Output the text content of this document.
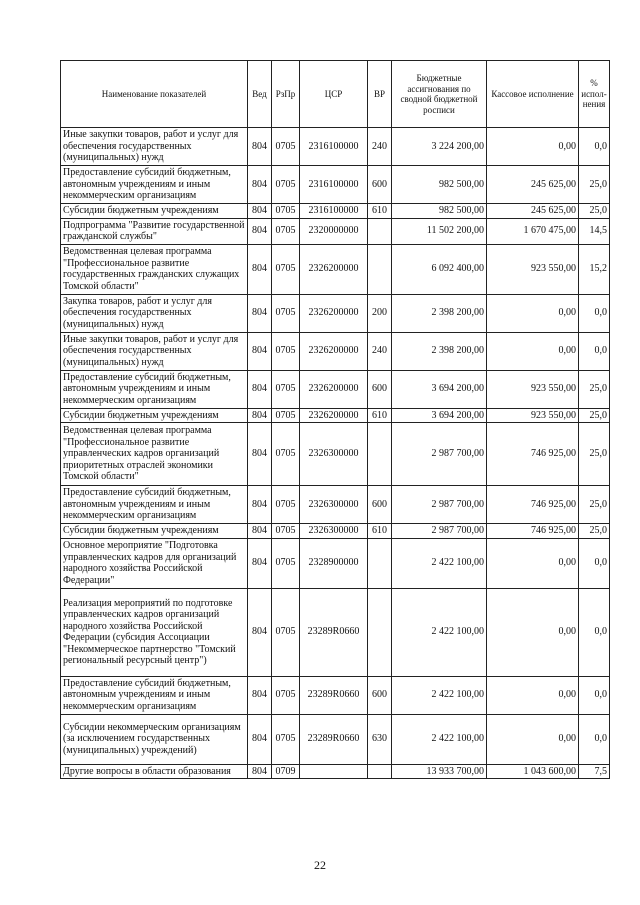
Наименование показателей	Вед	РзПр	ЦСР	ВР	Бюджетные ассигнования по сводной бюджетной росписи	Кассовое исполнение	% испол-нения
Иные закупки товаров, работ и услуг для обеспечения государственных (муниципальных) нужд	804	0705	2316100000	240	3 224 200,00	0,00	0,0
Предоставление субсидий бюджетным, автономным учреждениям и иным некоммерческим организациям	804	0705	2316100000	600	982 500,00	245 625,00	25,0
Субсидии бюджетным учреждениям	804	0705	2316100000	610	982 500,00	245 625,00	25,0
Подпрограмма "Развитие государственной гражданской службы"	804	0705	2320000000		11 502 200,00	1 670 475,00	14,5
Ведомственная целевая программа "Профессиональное развитие государственных гражданских служащих Томской области"	804	0705	2326200000		6 092 400,00	923 550,00	15,2
Закупка товаров, работ и услуг для обеспечения государственных (муниципальных) нужд	804	0705	2326200000	200	2 398 200,00	0,00	0,0
Иные закупки товаров, работ и услуг для обеспечения государственных (муниципальных) нужд	804	0705	2326200000	240	2 398 200,00	0,00	0,0
Предоставление субсидий бюджетным, автономным учреждениям и иным некоммерческим организациям	804	0705	2326200000	600	3 694 200,00	923 550,00	25,0
Субсидии бюджетным учреждениям	804	0705	2326200000	610	3 694 200,00	923 550,00	25,0
Ведомственная целевая программа "Профессиональное развитие управленческих кадров организаций приоритетных отраслей экономики Томской области"	804	0705	2326300000		2 987 700,00	746 925,00	25,0
Предоставление субсидий бюджетным, автономным учреждениям и иным некоммерческим организациям	804	0705	2326300000	600	2 987 700,00	746 925,00	25,0
Субсидии бюджетным учреждениям	804	0705	2326300000	610	2 987 700,00	746 925,00	25,0
Основное мероприятие "Подготовка управленческих кадров для организаций народного хозяйства Российской Федерации"	804	0705	2328900000		2 422 100,00	0,00	0,0
Реализация мероприятий по подготовке управленческих кадров организаций народного хозяйства Российской Федерации (субсидия Ассоциации "Некоммерческое партнерство "Томский региональный ресурсный центр")	804	0705	23289R0660		2 422 100,00	0,00	0,0
Предоставление субсидий бюджетным, автономным учреждениям и иным некоммерческим организациям	804	0705	23289R0660	600	2 422 100,00	0,00	0,0
Субсидии некоммерческим организациям (за исключением государственных (муниципальных) учреждений)	804	0705	23289R0660	630	2 422 100,00	0,00	0,0
Другие вопросы в области образования	804	0709			13 933 700,00	1 043 600,00	7,5
22
